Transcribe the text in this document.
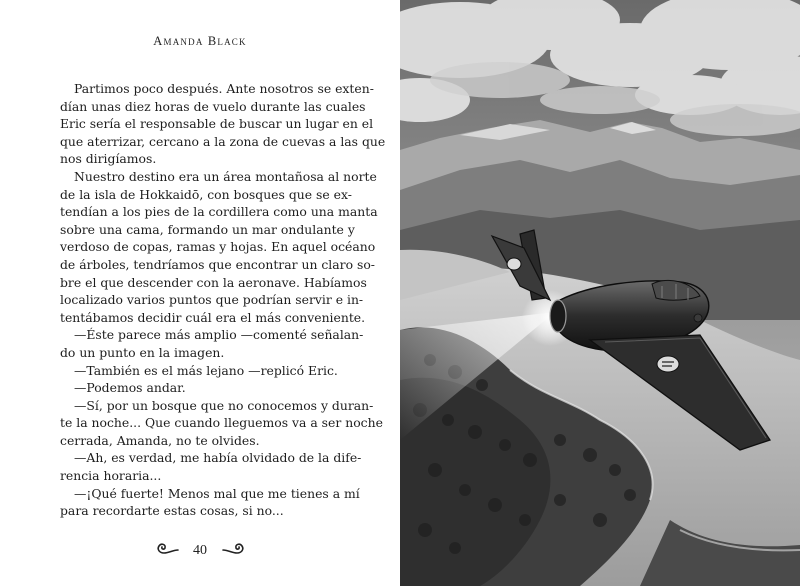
Amanda Black
Partimos poco después. Ante nosotros se exten-
dían unas diez horas de vuelo durante las cuales
Eric sería el responsable de buscar un lugar en el
que aterrizar, cercano a la zona de cuevas a las que
nos dirigíamos.
Nuestro destino era un área montañosa al norte
de la isla de Hokkaidō, con bosques que se ex-
tendían a los pies de la cordillera como una manta
sobre una cama, formando un mar ondulante y
verdoso de copas, ramas y hojas. En aquel océano
de árboles, tendríamos que encontrar un claro so-
bre el que descender con la aeronave. Habíamos
localizado varios puntos que podrían servir e in-
tentábamos decidir cuál era el más conveniente.
—Éste parece más amplio —comenté señalan-
do un punto en la imagen.
—También es el más lejano —replicó Eric.
—Podemos andar.
—Sí, por un bosque que no conocemos y duran-
te la noche... Que cuando lleguemos va a ser noche
cerrada, Amanda, no te olvides.
—Ah, es verdad, me había olvidado de la dife-
rencia horaria...
—¡Qué fuerte! Menos mal que me tienes a mí
para recordarte estas cosas, si no...
40
